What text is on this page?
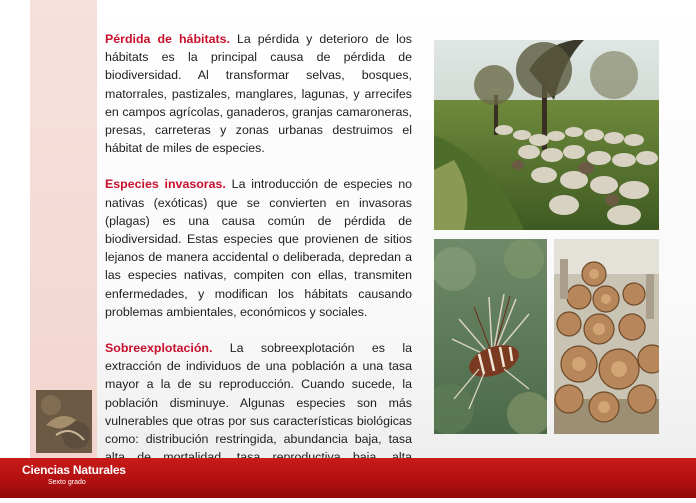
Pérdida de hábitats. La pérdida y deterioro de los hábitats es la principal causa de pérdida de biodiversidad. Al transformar selvas, bosques, matorrales, pastizales, manglares, lagunas, y arrecifes en campos agrícolas, ganaderos, granjas camaroneras, presas, carreteras y zonas urbanas destruimos el hábitat de miles de especies.

Especies invasoras. La introducción de especies no nativas (exóticas) que se convierten en invasoras (plagas) es una causa común de pérdida de biodiversidad. Estas especies que provienen de sitios lejanos de manera accidental o deliberada, depredan a las especies nativas, compiten con ellas, transmiten enfermedades, y modifican los hábitats causando problemas ambientales, económicos y sociales.

Sobreexplotación. La sobreexplotación es la extracción de individuos de una población a una tasa mayor a la de su reproducción. Cuando sucede, la población disminuye. Algunas especies son más vulnerables que otras por sus características biológicas como: distribución restringida, abundancia baja, tasa

Ciencias Naturales
Sexto grado
